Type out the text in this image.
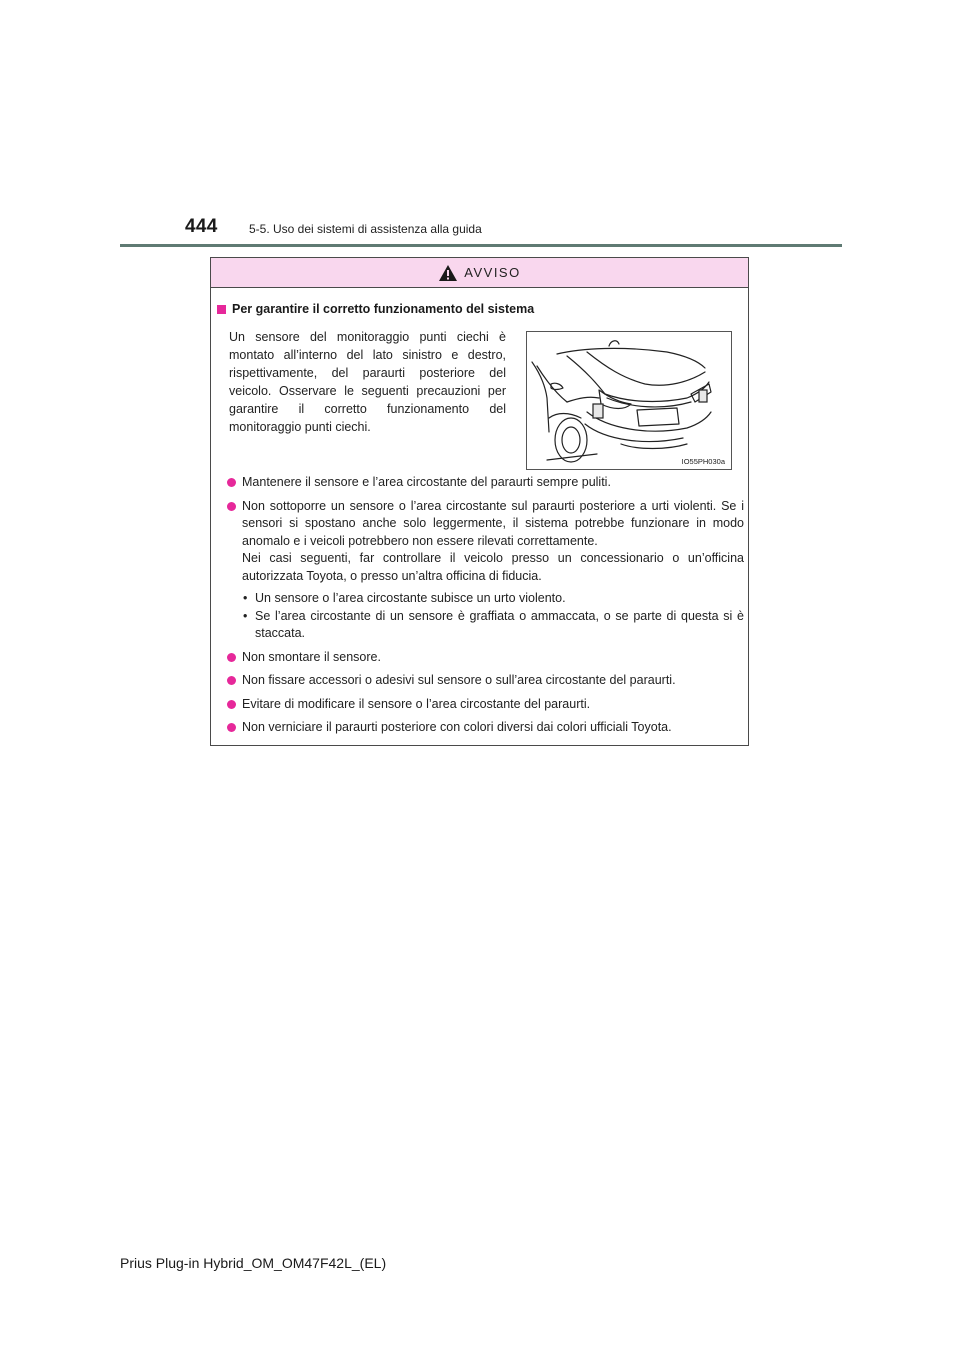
444	5-5. Uso dei sistemi di assistenza alla guida
AVVISO
Per garantire il corretto funzionamento del sistema
Un sensore del monitoraggio punti ciechi è montato all’interno del lato sinistro e destro, rispettivamente, del paraurti posteriore del veicolo. Osservare le seguenti precauzioni per garantire il corretto funzionamento del monitoraggio punti ciechi.
IO55PH030a

Mantenere il sensore e l’area circostante del paraurti sempre puliti.

Non sottoporre un sensore o l’area circostante sul paraurti posteriore a urti violenti. Se i sensori si spostano anche solo leggermente, il sistema potrebbe funzionare in modo anomalo e i veicoli potrebbero non essere rilevati correttamente.

Nei casi seguenti, far controllare il veicolo presso un concessionario o un’officina autorizzata Toyota, o presso un’altra officina di fiducia.

• Un sensore o l’area circostante subisce un urto violento.
• Se l’area circostante di un sensore è graffiata o ammaccata, o se parte di questa si è staccata.

Non smontare il sensore.

Non fissare accessori o adesivi sul sensore o sull’area circostante del paraurti.

Evitare di modificare il sensore o l’area circostante del paraurti.

Non verniciare il paraurti posteriore con colori diversi dai colori ufficiali Toyota.

Prius Plug-in Hybrid_OM_OM47F42L_(EL)
